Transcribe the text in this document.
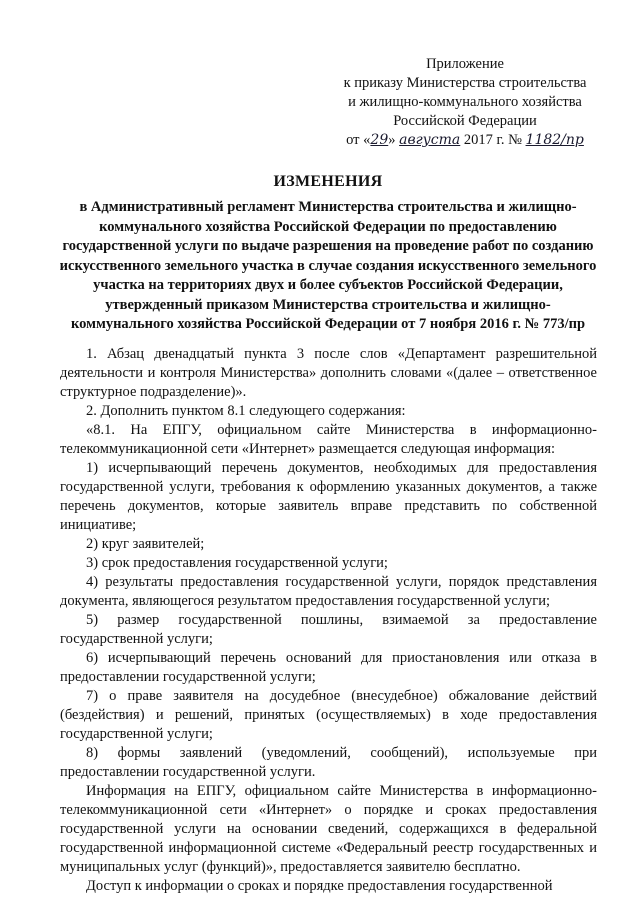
Приложение
к приказу Министерства строительства
и жилищно-коммунального хозяйства
Российской Федерации
от «29» августа 2017 г. № 1182/пр
ИЗМЕНЕНИЯ
в Административный регламент Министерства строительства и жилищно-коммунального хозяйства Российской Федерации по предоставлению государственной услуги по выдаче разрешения на проведение работ по созданию искусственного земельного участка в случае создания искусственного земельного участка на территориях двух и более субъектов Российской Федерации, утвержденный приказом Министерства строительства и жилищно-коммунального хозяйства Российской Федерации от 7 ноября 2016 г. № 773/пр

1. Абзац двенадцатый пункта 3 после слов «Департамент разрешительной деятельности и контроля Министерства» дополнить словами «(далее – ответственное структурное подразделение)».

2. Дополнить пунктом 8.1 следующего содержания:

«8.1. На ЕПГУ, официальном сайте Министерства в информационно-телекоммуникационной сети «Интернет» размещается следующая информация:

1) исчерпывающий перечень документов, необходимых для предоставления государственной услуги, требования к оформлению указанных документов, а также перечень документов, которые заявитель вправе представить по собственной инициативе;

2) круг заявителей;

3) срок предоставления государственной услуги;

4) результаты предоставления государственной услуги, порядок представления документа, являющегося результатом предоставления государственной услуги;

5) размер государственной пошлины, взимаемой за предоставление государственной услуги;

6) исчерпывающий перечень оснований для приостановления или отказа в предоставлении государственной услуги;

7) о праве заявителя на досудебное (внесудебное) обжалование действий (бездействия) и решений, принятых (осуществляемых) в ходе предоставления государственной услуги;

8) формы заявлений (уведомлений, сообщений), используемые при предоставлении государственной услуги.

Информация на ЕПГУ, официальном сайте Министерства в информационно-телекоммуникационной сети «Интернет» о порядке и сроках предоставления государственной услуги на основании сведений, содержащихся в федеральной государственной информационной системе «Федеральный реестр государственных и муниципальных услуг (функций)», предоставляется заявителю бесплатно.

Доступ к информации о сроках и порядке предоставления государственной
